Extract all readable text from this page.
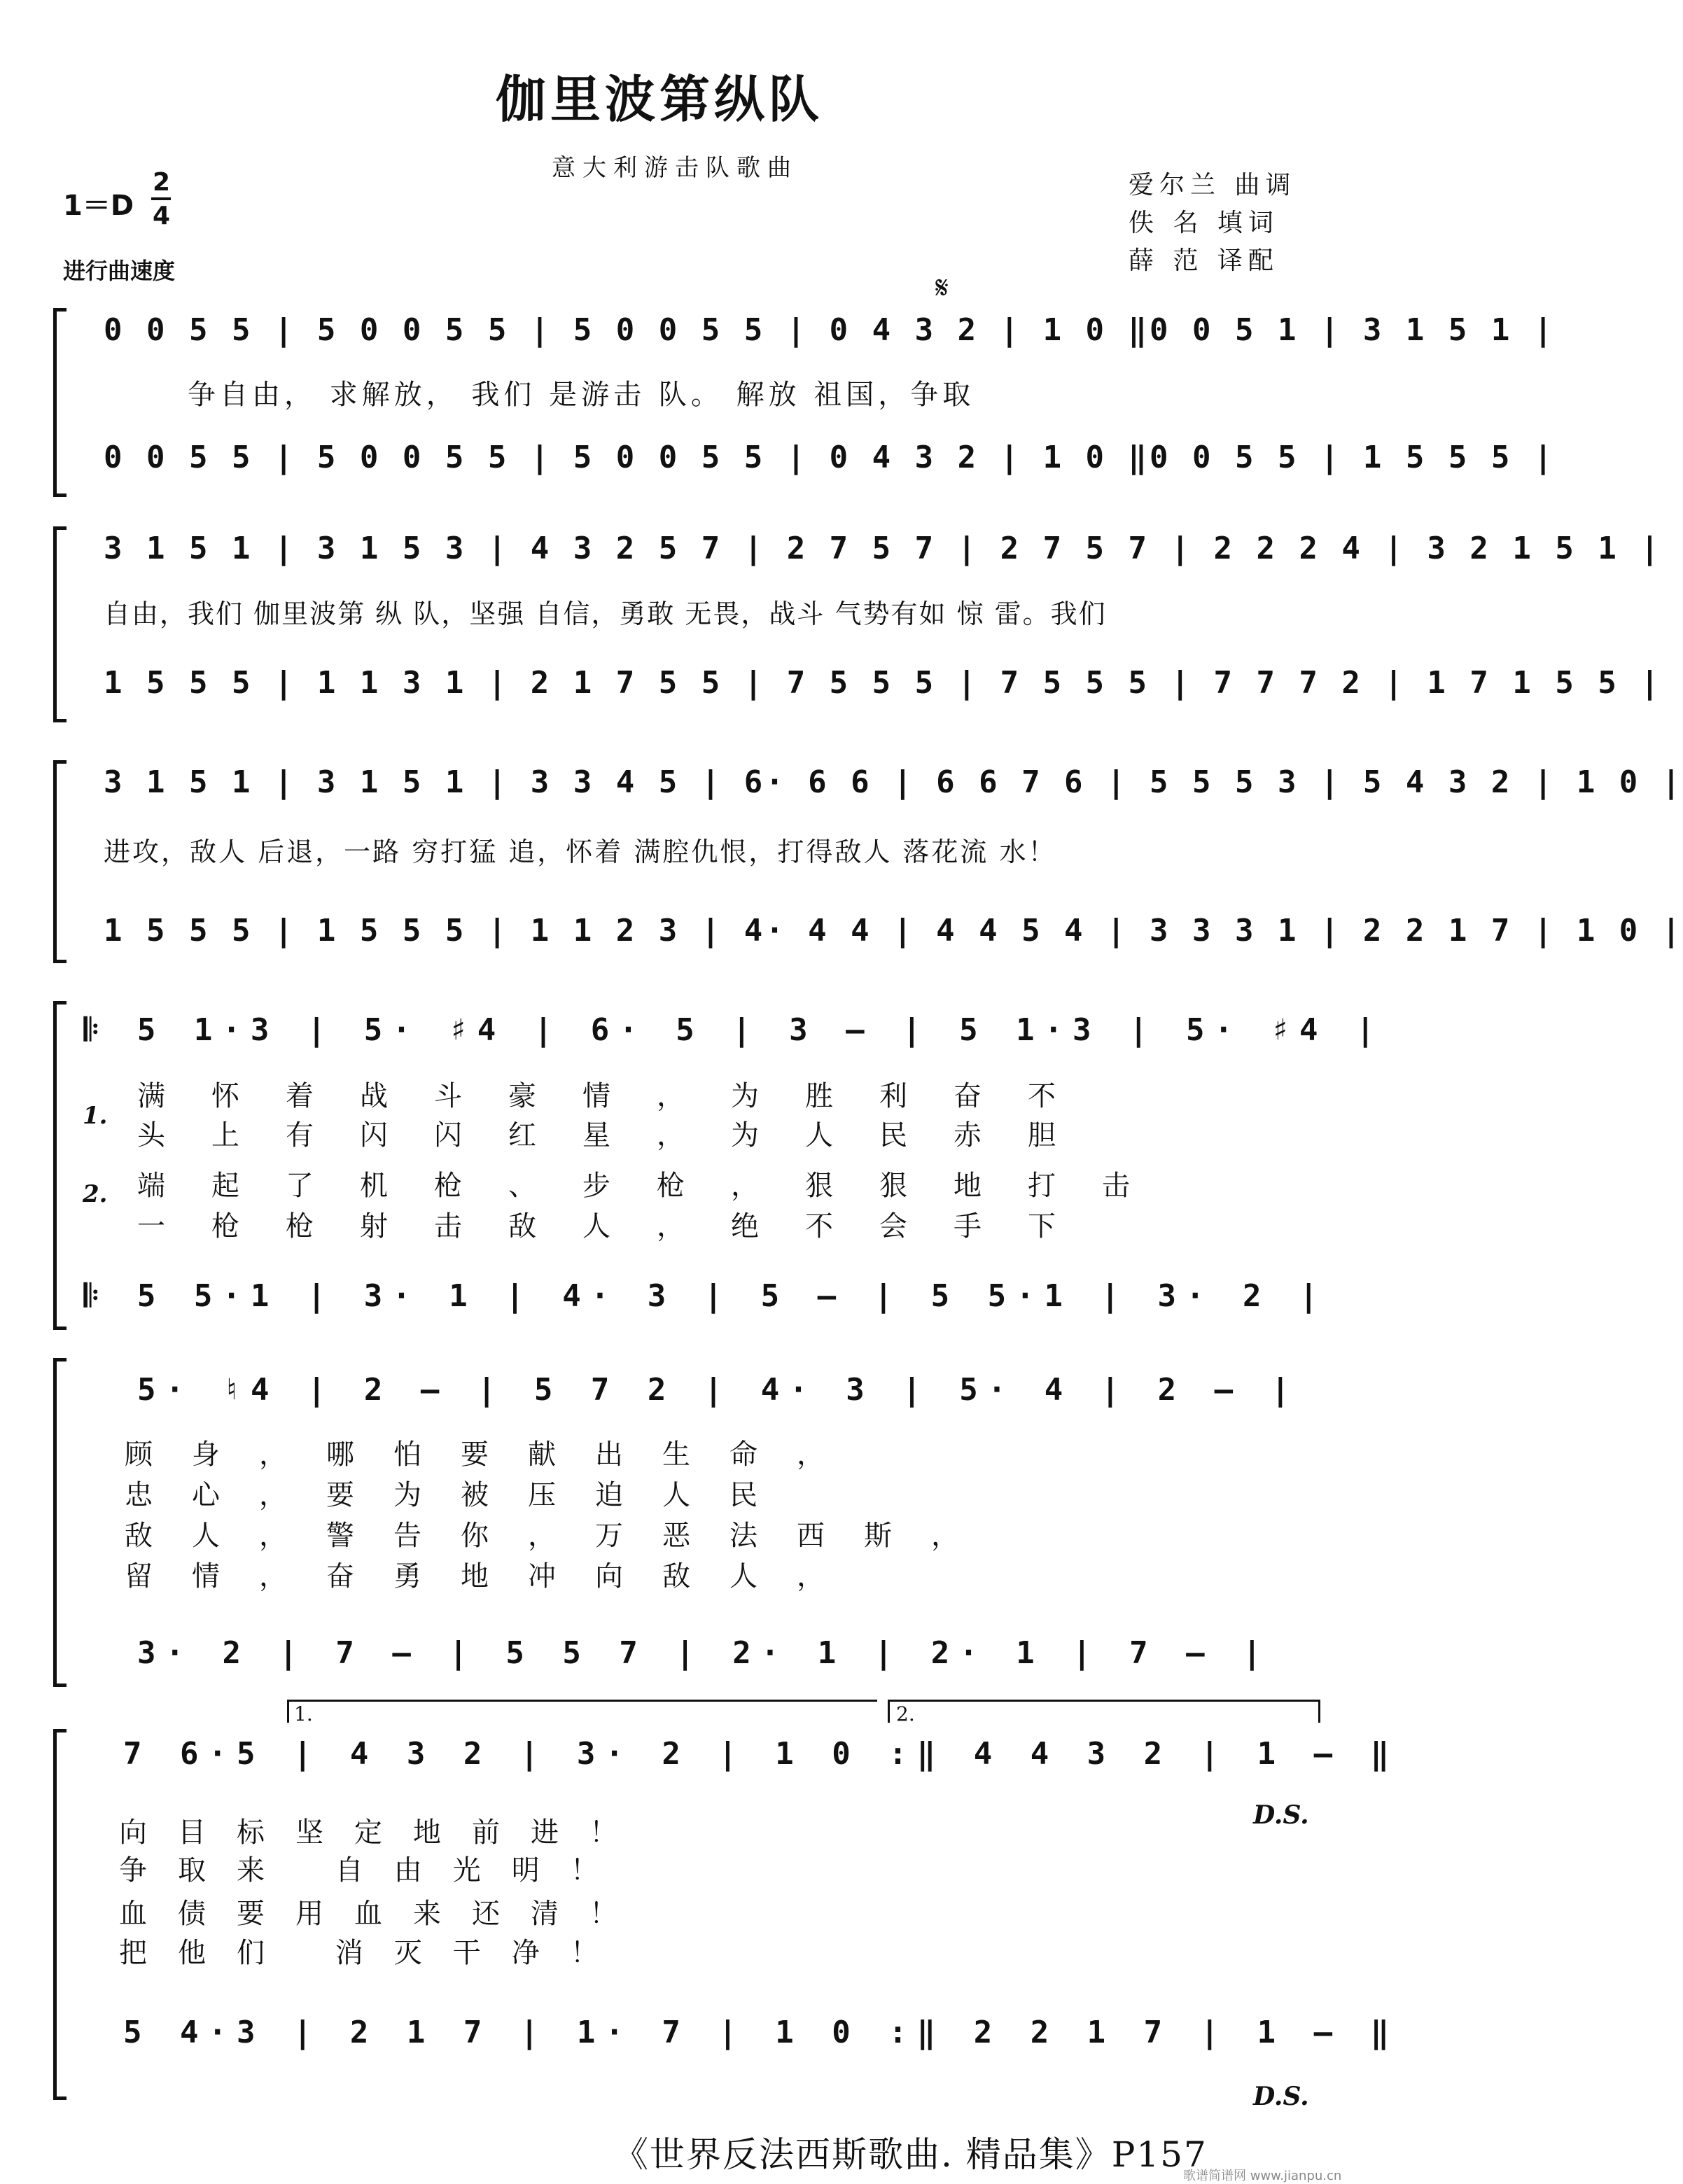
伽里波第纵队
意大利游击队歌曲
爱尔兰 曲调
佚 名 填词
薛 范 译配
1＝D
2
4
进行曲速度	𝄋
0 0 5 5 | 5 0 0 5 5 | 5 0 0 5 5 | 0 4 3 2 | 1 0 ‖0 0 5 1 | 3 1 5 1 |
争自由， 求解放， 我们 是游击 队。 解放 祖国，争取
0 0 5 5 | 5 0 0 5 5 | 5 0 0 5 5 | 0 4 3 2 | 1 0 ‖0 0 5 5 | 1 5 5 5 |
3 1 5 1 | 3 1 5 3 | 4 3 2 5 7 | 2 7 5 7 | 2 7 5 7 | 2 2 2 4 | 3 2 1 5 1 |
自由，我们 伽里波第 纵 队，坚强 自信，勇敢 无畏，战斗 气势有如 惊 雷。我们
1 5 5 5 | 1 1 3 1 | 2 1 7 5 5 | 7 5 5 5 | 7 5 5 5 | 7 7 7 2 | 1 7 1 5 5 |
3 1 5 1 | 3 1 5 1 | 3 3 4 5 | 6· 6 6 | 6 6 7 6 | 5 5 5 3 | 5 4 3 2 | 1 0 |
进攻，敌人 后退，一路 穷打猛 追，怀着 满腔仇恨，打得敌人 落花流 水！
1 5 5 5 | 1 5 5 5 | 1 1 2 3 | 4· 4 4 | 4 4 5 4 | 3 3 3 1 | 2 2 1 7 | 1 0 |
𝄆 5 1·3 | 5· ♯4 | 6· 5 | 3 — | 5 1·3 | 5· ♯4 |
1.
2.
满怀着战斗豪情，为胜利奋不
头上有闪闪红星，为人民赤胆
端起了机枪、步枪，狠狠地打击
一枪枪射击敌人，绝不会手下
𝄆 5 5·1 | 3· 1 | 4· 3 | 5 — | 5 5·1 | 3· 2 |
5· ♮4 | 2 — | 5 7 2 | 4· 3 | 5· 4 | 2 — |
顾身，哪怕要献出生命，
忠心，要为被压迫人民
敌人，警告你，万恶法西斯，
留情，奋勇地冲向敌人，
3· 2 | 7 — | 5 5 7 | 2· 1 | 2· 1 | 7 — |
1.	2.
7 6·5 | 4 3 2 | 3· 2 | 1 0 :‖ 4 4 3 2 | 1 — ‖
向目标坚定地前进！
争取来 自由光明！
血债要用血来还清！
把他们 消灭干净！
D.S.
5 4·3 | 2 1 7 | 1· 7 | 1 0 :‖ 2 2 1 7 | 1 — ‖
D.S.
《世界反法西斯歌曲. 精品集》P157
歌谱简谱网 www.jianpu.cn
